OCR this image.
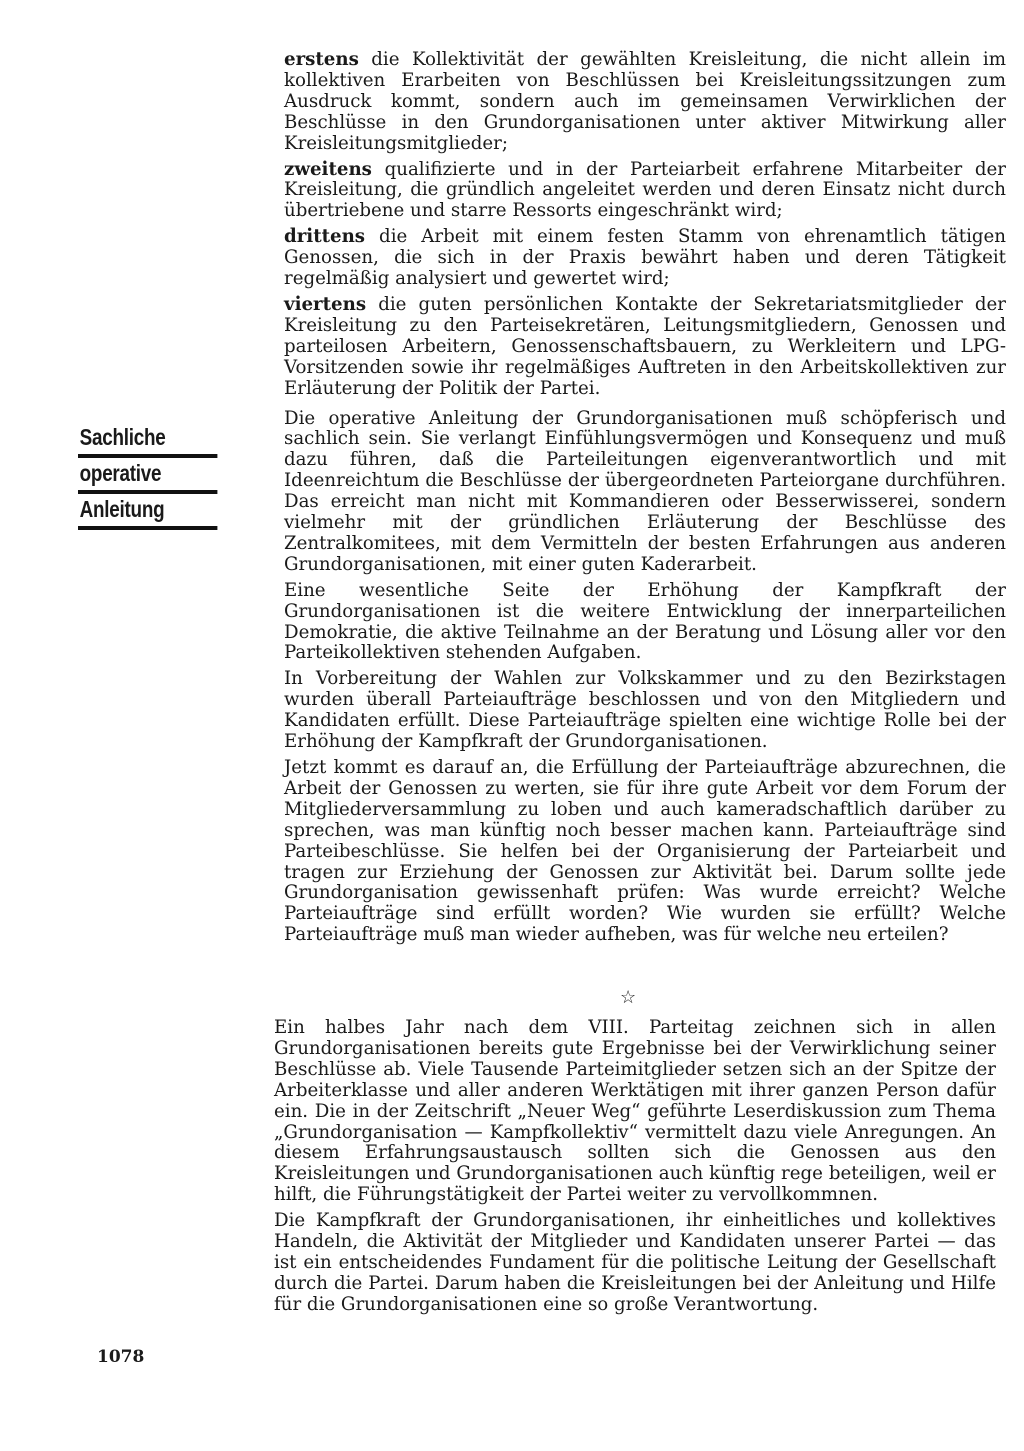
erstens die Kollektivität der gewählten Kreisleitung, die nicht allein im kollektiven Erarbeiten von Beschlüssen bei Kreisleitungssitzungen zum Ausdruck kommt, sondern auch im gemeinsamen Verwirklichen der Beschlüsse in den Grundorganisationen unter aktiver Mitwirkung aller Kreisleitungsmitglieder;

zweitens qualifizierte und in der Parteiarbeit erfahrene Mitarbeiter der Kreisleitung, die gründlich angeleitet werden und deren Einsatz nicht durch übertriebene und starre Ressorts eingeschränkt wird;

drittens die Arbeit mit einem festen Stamm von ehrenamtlich tätigen Genossen, die sich in der Praxis bewährt haben und deren Tätigkeit regelmäßig analysiert und gewertet wird;

viertens die guten persönlichen Kontakte der Sekretariatsmitglieder der Kreisleitung zu den Parteisekretären, Leitungsmitgliedern, Genossen und parteilosen Arbeitern, Genossenschaftsbauern, zu Werkleitern und LPG-Vorsitzenden sowie ihr regelmäßiges Auftreten in den Arbeitskollektiven zur Erläuterung der Politik der Partei.

Die operative Anleitung der Grundorganisationen muß schöpferisch und sachlich sein. Sie verlangt Einfühlungsvermögen und Konsequenz und muß dazu führen, daß die Parteileitungen eigenverantwortlich und mit Ideenreichtum die Beschlüsse der übergeordneten Parteiorgane durchführen. Das erreicht man nicht mit Kommandieren oder Besserwisserei, sondern vielmehr mit der gründlichen Erläuterung der Beschlüsse des Zentralkomitees, mit dem Vermitteln der besten Erfahrungen aus anderen Grundorganisationen, mit einer guten Kaderarbeit.

Eine wesentliche Seite der Erhöhung der Kampfkraft der Grundorganisationen ist die weitere Entwicklung der innerparteilichen Demokratie, die aktive Teilnahme an der Beratung und Lösung aller vor den Parteikollektiven stehenden Aufgaben.

In Vorbereitung der Wahlen zur Volkskammer und zu den Bezirkstagen wurden überall Parteiaufträge beschlossen und von den Mitgliedern und Kandidaten erfüllt. Diese Parteiaufträge spielten eine wichtige Rolle bei der Erhöhung der Kampfkraft der Grundorganisationen.

Jetzt kommt es darauf an, die Erfüllung der Parteiaufträge abzurechnen, die Arbeit der Genossen zu werten, sie für ihre gute Arbeit vor dem Forum der Mitgliederversammlung zu loben und auch kameradschaftlich darüber zu sprechen, was man künftig noch besser machen kann. Parteiaufträge sind Parteibeschlüsse. Sie helfen bei der Organisierung der Parteiarbeit und tragen zur Erziehung der Genossen zur Aktivität bei. Darum sollte jede Grundorganisation gewissenhaft prüfen: Was wurde erreicht? Welche Parteiaufträge sind erfüllt worden? Wie wurden sie erfüllt? Welche Parteiaufträge muß man wieder aufheben, was für welche neu erteilen?

Sachliche
operative
Anleitung
☆

Ein halbes Jahr nach dem VIII. Parteitag zeichnen sich in allen Grundorganisationen bereits gute Ergebnisse bei der Verwirklichung seiner Beschlüsse ab. Viele Tausende Parteimitglieder setzen sich an der Spitze der Arbeiterklasse und aller anderen Werktätigen mit ihrer ganzen Person dafür ein. Die in der Zeitschrift „Neuer Weg“ geführte Leserdiskussion zum Thema „Grundorganisation — Kampfkollektiv“ vermittelt dazu viele Anregungen. An diesem Erfahrungsaustausch sollten sich die Genossen aus den Kreisleitungen und Grundorganisationen auch künftig rege beteiligen, weil er hilft, die Führungstätigkeit der Partei weiter zu vervollkommnen.

Die Kampfkraft der Grundorganisationen, ihr einheitliches und kollektives Handeln, die Aktivität der Mitglieder und Kandidaten unserer Partei — das ist ein entscheidendes Fundament für die politische Leitung der Gesellschaft durch die Partei. Darum haben die Kreisleitungen bei der Anleitung und Hilfe für die Grundorganisationen eine so große Verantwortung.

1078
